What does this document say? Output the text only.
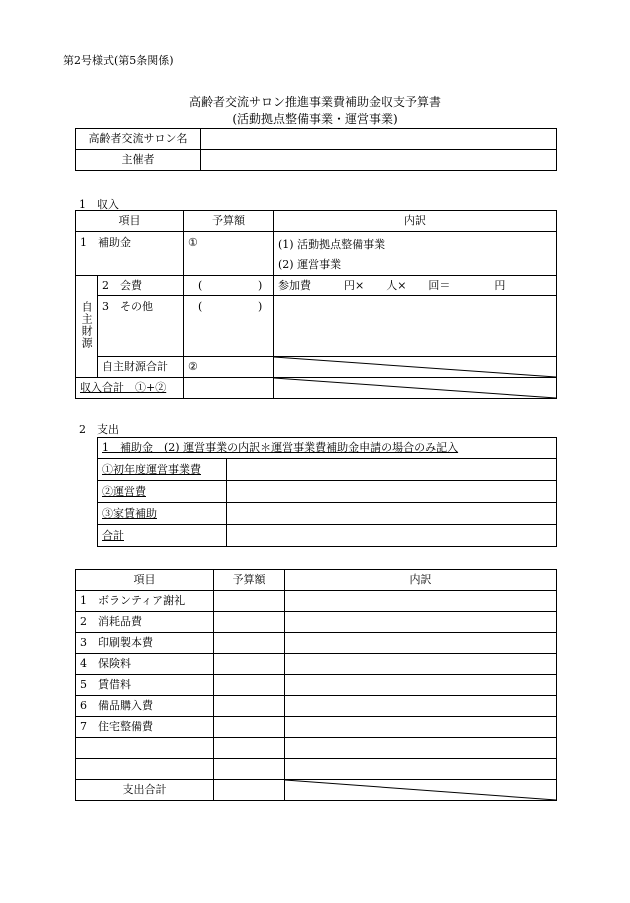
第2号様式(第5条関係)
高齢者交流サロン推進事業費補助金収支予算書
(活動拠点整備事業・運営事業)
高齢者交流サロン名	
主催者	
1　収入
項目		予算額	内訳
1　補助金		①	(1) 活動拠点整備事業
(2) 運営事業

自主財源	2　会費	( )	参加費　　　円×　　人×　　回＝　　　　円
	3　その他	( )	
	自主財源合計	②	

収入合計　①+②		
2　支出
1　補助金　(2) 運営事業の内訳＊運営事業費補助金申請の場合のみ記入	
①初年度運営事業費	
②運営費	
③家賃補助	
合計	
項目	予算額	内訳
1　ボランティア謝礼		
2　消耗品費		
3　印刷製本費		
4　保険料		
5　賃借料		
6　備品購入費		
7　住宅整備費		

支出合計		
